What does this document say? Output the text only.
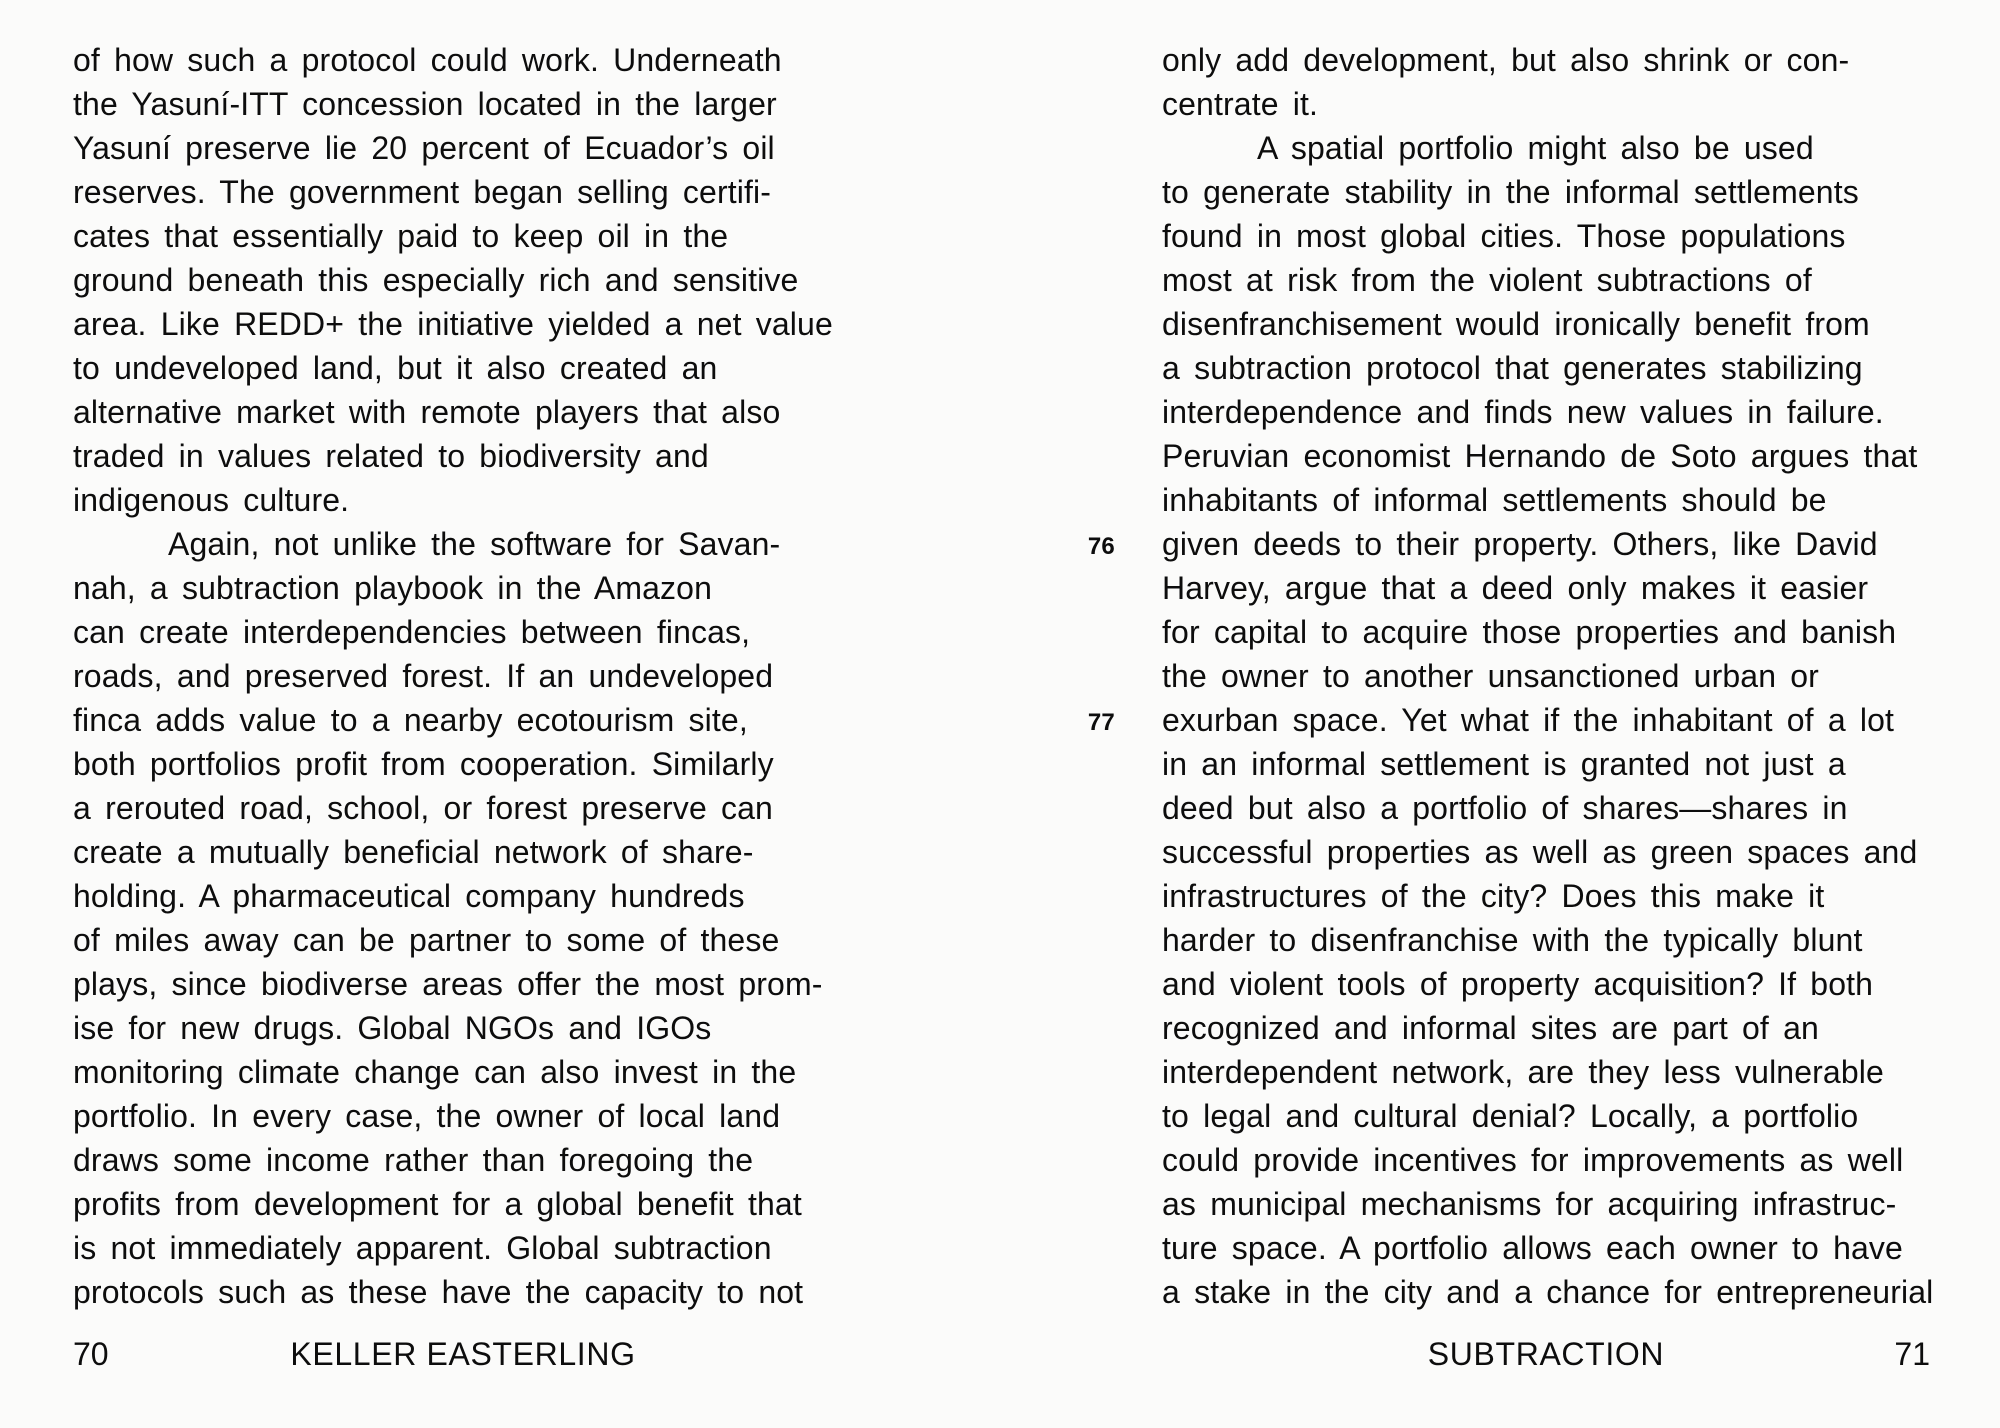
of how such a protocol could work. Underneath
the Yasuní-ITT concession located in the larger
Yasuní preserve lie 20 percent of Ecuador’s oil
reserves. The government began selling certifi-
cates that essentially paid to keep oil in the
ground beneath this especially rich and sensitive
area. Like REDD+ the initiative yielded a net value
to undeveloped land, but it also created an
alternative market with remote players that also
traded in values related to biodiversity and
indigenous culture.
Again, not unlike the software for Savan-
nah, a subtraction playbook in the Amazon
can create interdependencies between fincas,
roads, and preserved forest. If an undeveloped
finca adds value to a nearby ecotourism site,
both portfolios profit from cooperation. Similarly
a rerouted road, school, or forest preserve can
create a mutually beneficial network of share-
holding. A pharmaceutical company hundreds
of miles away can be partner to some of these
plays, since biodiverse areas offer the most prom-
ise for new drugs. Global NGOs and IGOs
monitoring climate change can also invest in the
portfolio. In every case, the owner of local land
draws some income rather than foregoing the
profits from development for a global benefit that
is not immediately apparent. Global subtraction
protocols such as these have the capacity to not
70	KELLER EASTERLING
76
77
only add development, but also shrink or con-
centrate it.
A spatial portfolio might also be used
to generate stability in the informal settlements
found in most global cities. Those populations
most at risk from the violent subtractions of
disenfranchisement would ironically benefit from
a subtraction protocol that generates stabilizing
interdependence and finds new values in failure.
Peruvian economist Hernando de Soto argues that
inhabitants of informal settlements should be
given deeds to their property. Others, like David
Harvey, argue that a deed only makes it easier
for capital to acquire those properties and banish
the owner to another unsanctioned urban or
exurban space. Yet what if the inhabitant of a lot
in an informal settlement is granted not just a
deed but also a portfolio of shares—shares in
successful properties as well as green spaces and
infrastructures of the city? Does this make it
harder to disenfranchise with the typically blunt
and violent tools of property acquisition? If both
recognized and informal sites are part of an
interdependent network, are they less vulnerable
to legal and cultural denial? Locally, a portfolio
could provide incentives for improvements as well
as municipal mechanisms for acquiring infrastruc-
ture space. A portfolio allows each owner to have
a stake in the city and a chance for entrepreneurial
SUBTRACTION	71
